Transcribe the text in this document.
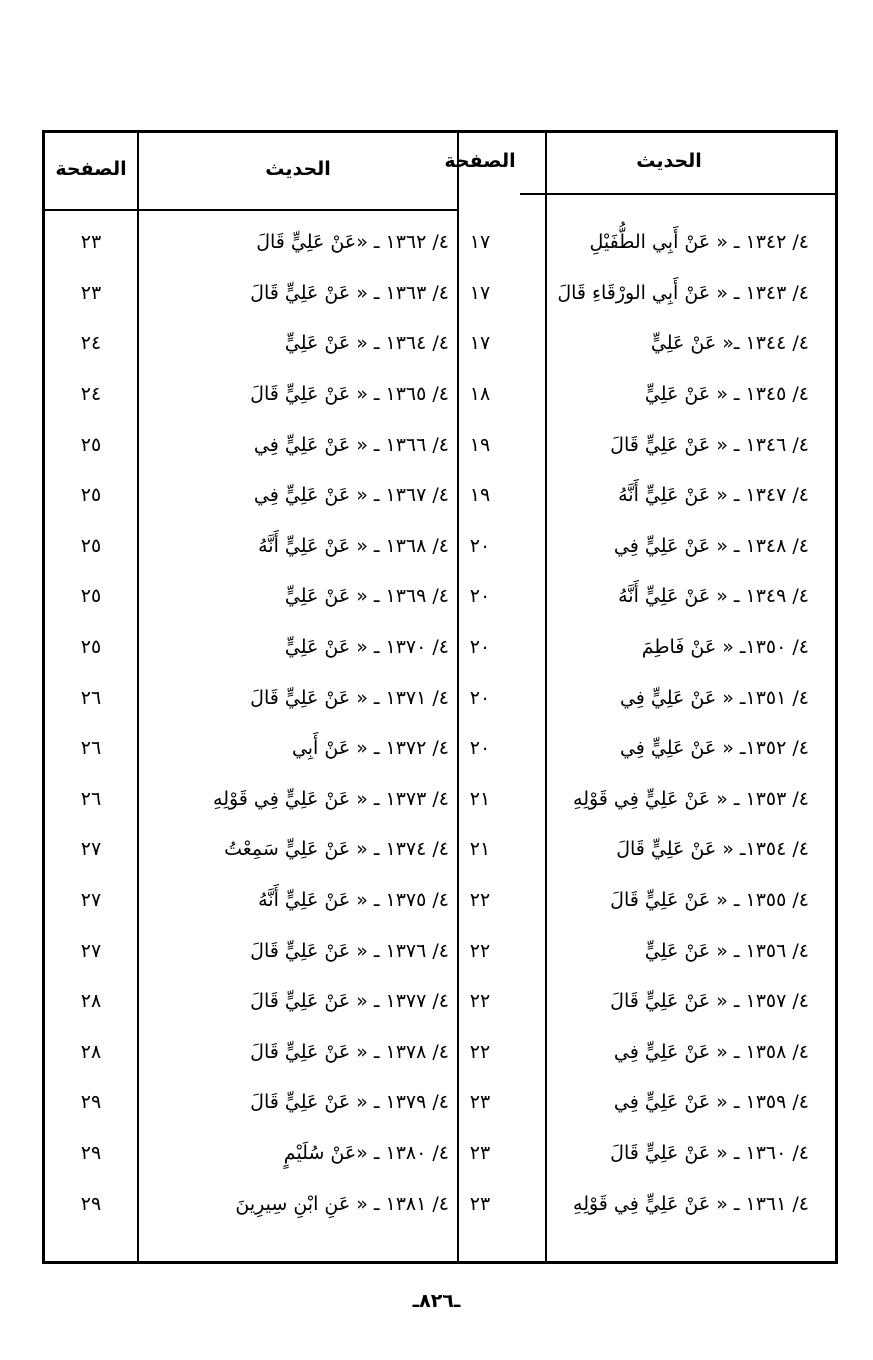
الصفحة	الحديث	الصفحة	الحديث
٢٣	٤/ ١٣٦٢ ـ «عَنْ عَلِيٍّ قَالَ	١٧	٤/ ١٣٤٢ ـ « عَنْ أَبِي الطُّفَيْلِ
٢٣	٤/ ١٣٦٣ ـ « عَنْ عَلِيٍّ قَالَ	١٧	٤/ ١٣٤٣ ـ « عَنْ أَبِي الورْقَاءِ قَالَ
٢٤	٤/ ١٣٦٤ ـ « عَنْ عَلِيٍّ	١٧	٤/ ١٣٤٤ ـ« عَنْ عَلِيٍّ
٢٤	٤/ ١٣٦٥ ـ « عَنْ عَلِيٍّ قَالَ	١٨	٤/ ١٣٤٥ ـ « عَنْ عَلِيٍّ
٢٥	٤/ ١٣٦٦ ـ « عَنْ عَلِيٍّ فِي	١٩	٤/ ١٣٤٦ ـ « عَنْ عَلِيٍّ قَالَ
٢٥	٤/ ١٣٦٧ ـ « عَنْ عَلِيٍّ فِي	١٩	٤/ ١٣٤٧ ـ « عَنْ عَلِيٍّ أَنَّهُ
٢٥	٤/ ١٣٦٨ ـ « عَنْ عَلِيٍّ أَنَّهُ	٢٠	٤/ ١٣٤٨ ـ « عَنْ عَلِيٍّ فِي
٢٥	٤/ ١٣٦٩ ـ « عَنْ عَلِيٍّ	٢٠	٤/ ١٣٤٩ ـ « عَنْ عَلِيٍّ أَنَّهُ
٢٥	٤/ ١٣٧٠ ـ « عَنْ عَلِيٍّ	٢٠	٤/ ١٣٥٠ـ « عَنْ فَاطِمَ
٢٦	٤/ ١٣٧١ ـ « عَنْ عَلِيٍّ قَالَ	٢٠	٤/ ١٣٥١ـ « عَنْ عَلِيٍّ فِي
٢٦	٤/ ١٣٧٢ ـ « عَنْ أَبِي	٢٠	٤/ ١٣٥٢ـ « عَنْ عَلِيٍّ فِي
٢٦	٤/ ١٣٧٣ ـ « عَنْ عَلِيٍّ فِي قَوْلِهِ	٢١	٤/ ١٣٥٣ ـ « عَنْ عَلِيٍّ فِي قَوْلِهِ
٢٧	٤/ ١٣٧٤ ـ « عَنْ عَلِيٍّ سَمِعْتُ	٢١	٤/ ١٣٥٤ـ « عَنْ عَلِيٍّ قَالَ
٢٧	٤/ ١٣٧٥ ـ « عَنْ عَلِيٍّ أَنَّهُ	٢٢	٤/ ١٣٥٥ ـ « عَنْ عَلِيٍّ قَالَ
٢٧	٤/ ١٣٧٦ ـ « عَنْ عَلِيٍّ قَالَ	٢٢	٤/ ١٣٥٦ ـ « عَنْ عَلِيٍّ
٢٨	٤/ ١٣٧٧ ـ « عَنْ عَلِيٍّ قَالَ	٢٢	٤/ ١٣٥٧ ـ « عَنْ عَلِيٍّ قَالَ
٢٨	٤/ ١٣٧٨ ـ « عَنْ عَلِيٍّ قَالَ	٢٢	٤/ ١٣٥٨ ـ « عَنْ عَلِيٍّ فِي
٢٩	٤/ ١٣٧٩ ـ « عَنْ عَلِيٍّ قَالَ	٢٣	٤/ ١٣٥٩ ـ « عَنْ عَلِيٍّ فِي
٢٩	٤/ ١٣٨٠ ـ «عَنْ سُلَيْمٍ	٢٣	٤/ ١٣٦٠ ـ « عَنْ عَلِيٍّ قَالَ
٢٩	٤/ ١٣٨١ ـ « عَنِ ابْنِ سِيرِينَ	٢٣	٤/ ١٣٦١ ـ « عَنْ عَلِيٍّ فِي قَوْلِهِ
ـ٨٢٦ـ
